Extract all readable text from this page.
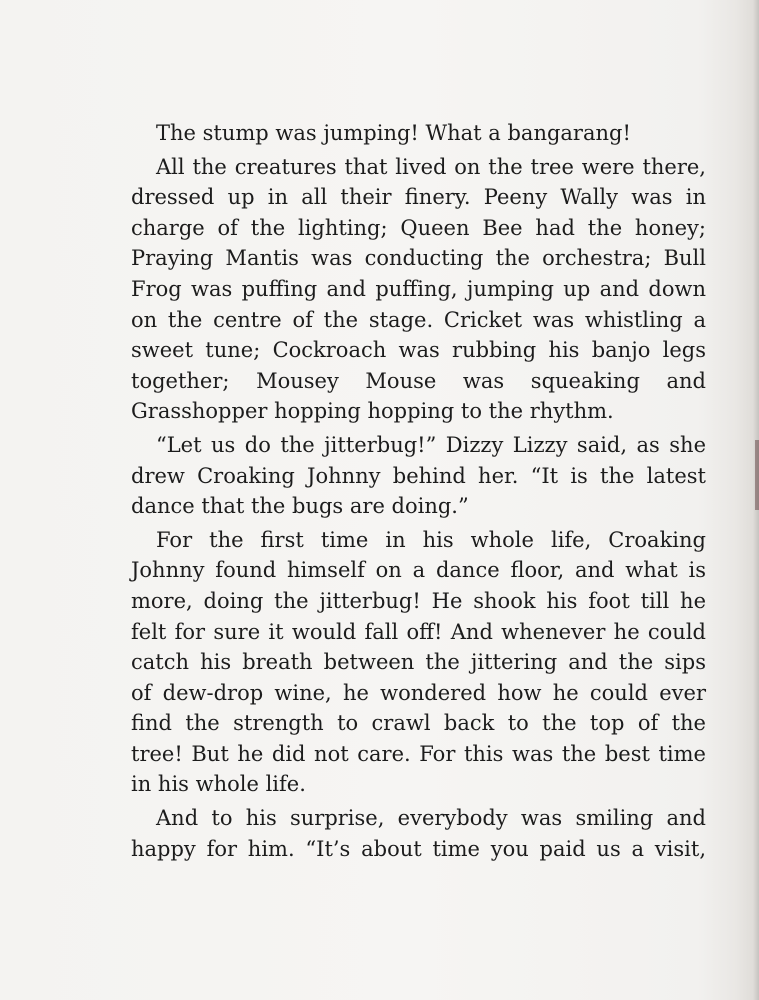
The stump was jumping! What a bangarang!
All the creatures that lived on the tree were there,
dressed up in all their finery. Peeny Wally was in
charge of the lighting; Queen Bee had the honey;
Praying Mantis was conducting the orchestra; Bull
Frog was puffing and puffing, jumping up and down
on the centre of the stage. Cricket was whistling a
sweet tune; Cockroach was rubbing his banjo legs
together; Mousey Mouse was squeaking and
Grasshopper hopping hopping to the rhythm.
“Let us do the jitterbug!” Dizzy Lizzy said, as she
drew Croaking Johnny behind her. “It is the latest
dance that the bugs are doing.”
For the first time in his whole life, Croaking
Johnny found himself on a dance floor, and what is
more, doing the jitterbug! He shook his foot till he
felt for sure it would fall off! And whenever he could
catch his breath between the jittering and the sips
of dew-drop wine, he wondered how he could ever
find the strength to crawl back to the top of the
tree! But he did not care. For this was the best time
in his whole life.
And to his surprise, everybody was smiling and
happy for him. “It’s about time you paid us a visit,
